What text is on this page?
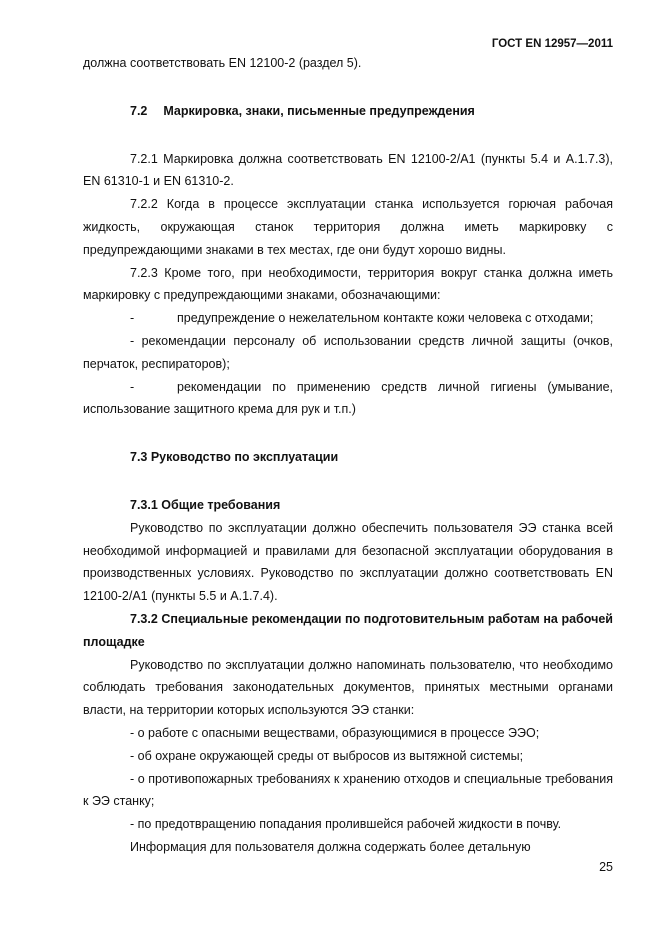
ГОСТ EN 12957—2011
должна соответствовать EN 12100-2 (раздел 5).
7.2  Маркировка, знаки, письменные предупреждения
7.2.1 Маркировка должна соответствовать EN 12100-2/A1 (пункты 5.4 и A.1.7.3), EN 61310-1 и EN 61310-2.
7.2.2 Когда в процессе эксплуатации станка используется горючая рабочая жидкость, окружающая станок территория должна иметь маркировку с предупреждающими знаками в тех местах, где они будут хорошо видны.
7.2.3 Кроме того, при необходимости, территория вокруг станка должна иметь маркировку с предупреждающими знаками, обозначающими:
-	предупреждение о нежелательном контакте кожи человека с отходами;
- рекомендации персоналу об использовании средств личной защиты (очков, перчаток, респираторов);
-	рекомендации по применению средств личной гигиены (умывание, использование защитного крема для рук и т.п.)
7.3 Руководство по эксплуатации
7.3.1 Общие требования
Руководство по эксплуатации должно обеспечить пользователя ЭЭ станка всей необходимой информацией и правилами для безопасной эксплуатации оборудования в производственных условиях. Руководство по эксплуатации должно соответствовать EN 12100-2/A1 (пункты 5.5 и A.1.7.4).
7.3.2 Специальные рекомендации по подготовительным работам на рабочей площадке
Руководство по эксплуатации должно напоминать пользователю, что необходимо соблюдать требования законодательных документов, принятых местными органами власти, на территории которых используются ЭЭ станки:
- о работе с опасными веществами, образующимися в процессе ЭЭО;
- об охране окружающей среды от выбросов из вытяжной системы;
- о противопожарных требованиях к хранению отходов и специальные требования к ЭЭ станку;
- по предотвращению попадания пролившейся рабочей жидкости в почву.
Информация для пользователя должна содержать более детальную
25
